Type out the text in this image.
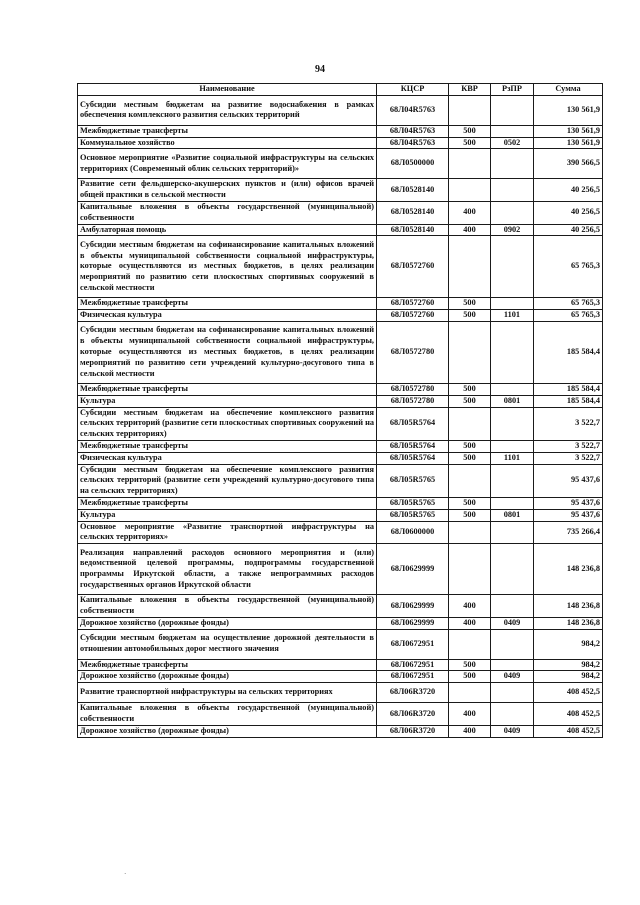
94
Наименование	КЦСР	КВР	РзПР	Сумма
Субсидии местным бюджетам на развитие водоснабжения в рамках обеспечения комплексного развития сельских территорий	68Л04R5763			130 561,9
Межбюджетные трансферты	68Л04R5763	500		130 561,9
Коммунальное хозяйство	68Л04R5763	500	0502	130 561,9
Основное мероприятие «Развитие социальной инфраструктуры на сельских территориях (Современный облик сельских территорий)»	68Л0500000			390 566,5
Развитие сети фельдшерско-акушерских пунктов и (или) офисов врачей общей практики в сельской местности	68Л0528140			40 256,5
Капитальные вложения в объекты государственной (муниципальной) собственности	68Л0528140	400		40 256,5
Амбулаторная помощь	68Л0528140	400	0902	40 256,5
Субсидии местным бюджетам на софинансирование капитальных вложений в объекты муниципальной собственности социальной инфраструктуры, которые осуществляются из местных бюджетов, в целях реализации мероприятий по развитию сети плоскостных спортивных сооружений в сельской местности	68Л0572760			65 765,3
Межбюджетные трансферты	68Л0572760	500		65 765,3
Физическая культура	68Л0572760	500	1101	65 765,3
Субсидии местным бюджетам на софинансирование капитальных вложений в объекты муниципальной собственности социальной инфраструктуры, которые осуществляются из местных бюджетов, в целях реализации мероприятий по развитию сети учреждений культурно-досугового типа в сельской местности	68Л0572780			185 584,4
Межбюджетные трансферты	68Л0572780	500		185 584,4
Культура	68Л0572780	500	0801	185 584,4
Субсидии местным бюджетам на обеспечение комплексного развития сельских территорий (развитие сети плоскостных спортивных сооружений на сельских территориях)	68Л05R5764			3 522,7
Межбюджетные трансферты	68Л05R5764	500		3 522,7
Физическая культура	68Л05R5764	500	1101	3 522,7
Субсидии местным бюджетам на обеспечение комплексного развития сельских территорий (развитие сети учреждений культурно-досугового типа на сельских территориях)	68Л05R5765			95 437,6
Межбюджетные трансферты	68Л05R5765	500		95 437,6
Культура	68Л05R5765	500	0801	95 437,6
Основное мероприятие «Развитие транспортной инфраструктуры на сельских территориях»	68Л0600000			735 266,4
Реализация направлений расходов основного мероприятия и (или) ведомственной целевой программы, подпрограммы государственной программы Иркутской области, а также непрограммных расходов государственных органов Иркутской области	68Л0629999			148 236,8
Капитальные вложения в объекты государственной (муниципальной) собственности	68Л0629999	400		148 236,8
Дорожное хозяйство (дорожные фонды)	68Л0629999	400	0409	148 236,8
Субсидии местным бюджетам на осуществление дорожной деятельности в отношении автомобильных дорог местного значения	68Л0672951			984,2
Межбюджетные трансферты	68Л0672951	500		984,2
Дорожное хозяйство (дорожные фонды)	68Л0672951	500	0409	984,2
Развитие транспортной инфраструктуры на сельских территориях	68Л06R3720			408 452,5
Капитальные вложения в объекты государственной (муниципальной) собственности	68Л06R3720	400		408 452,5
Дорожное хозяйство (дорожные фонды)	68Л06R3720	400	0409	408 452,5
·
